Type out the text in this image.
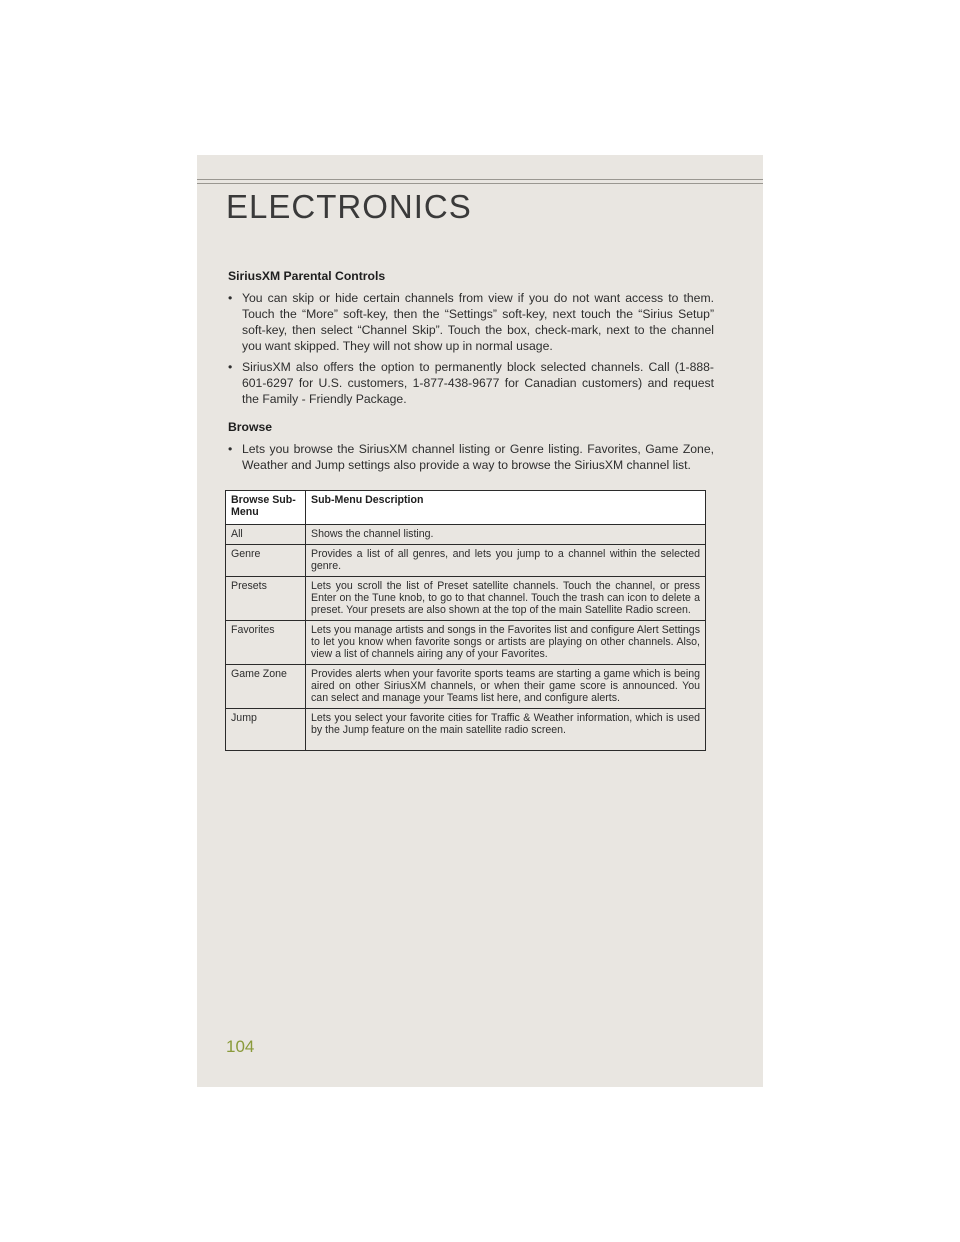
ELECTRONICS

SiriusXM Parental Controls

• You can skip or hide certain channels from view if you do not want access to them. Touch the “More” soft-key, then the “Settings” soft-key, next touch the “Sirius Setup” soft-key, then select “Channel Skip”. Touch the box, check-mark, next to the channel you want skipped. They will not show up in normal usage.
• SiriusXM also offers the option to permanently block selected channels. Call (1-888-601-6297 for U.S. customers, 1-877-438-9677 for Canadian customers) and request the Family - Friendly Package.

Browse

• Lets you browse the SiriusXM channel listing or Genre listing. Favorites, Game Zone, Weather and Jump settings also provide a way to browse the SiriusXM channel list.
Browse Sub-Menu	Sub-Menu Description
All	Shows the channel listing.
Genre	Provides a list of all genres, and lets you jump to a channel within the selected genre.
Presets	Lets you scroll the list of Preset satellite channels. Touch the channel, or press Enter on the Tune knob, to go to that channel. Touch the trash can icon to delete a preset. Your presets are also shown at the top of the main Satellite Radio screen.
Favorites	Lets you manage artists and songs in the Favorites list and configure Alert Settings to let you know when favorite songs or artists are playing on other channels. Also, view a list of channels airing any of your Favorites.
Game Zone	Provides alerts when your favorite sports teams are starting a game which is being aired on other SiriusXM channels, or when their game score is announced. You can select and manage your Teams list here, and configure alerts.
Jump	Lets you select your favorite cities for Traffic & Weather information, which is used by the Jump feature on the main satellite radio screen.
104
